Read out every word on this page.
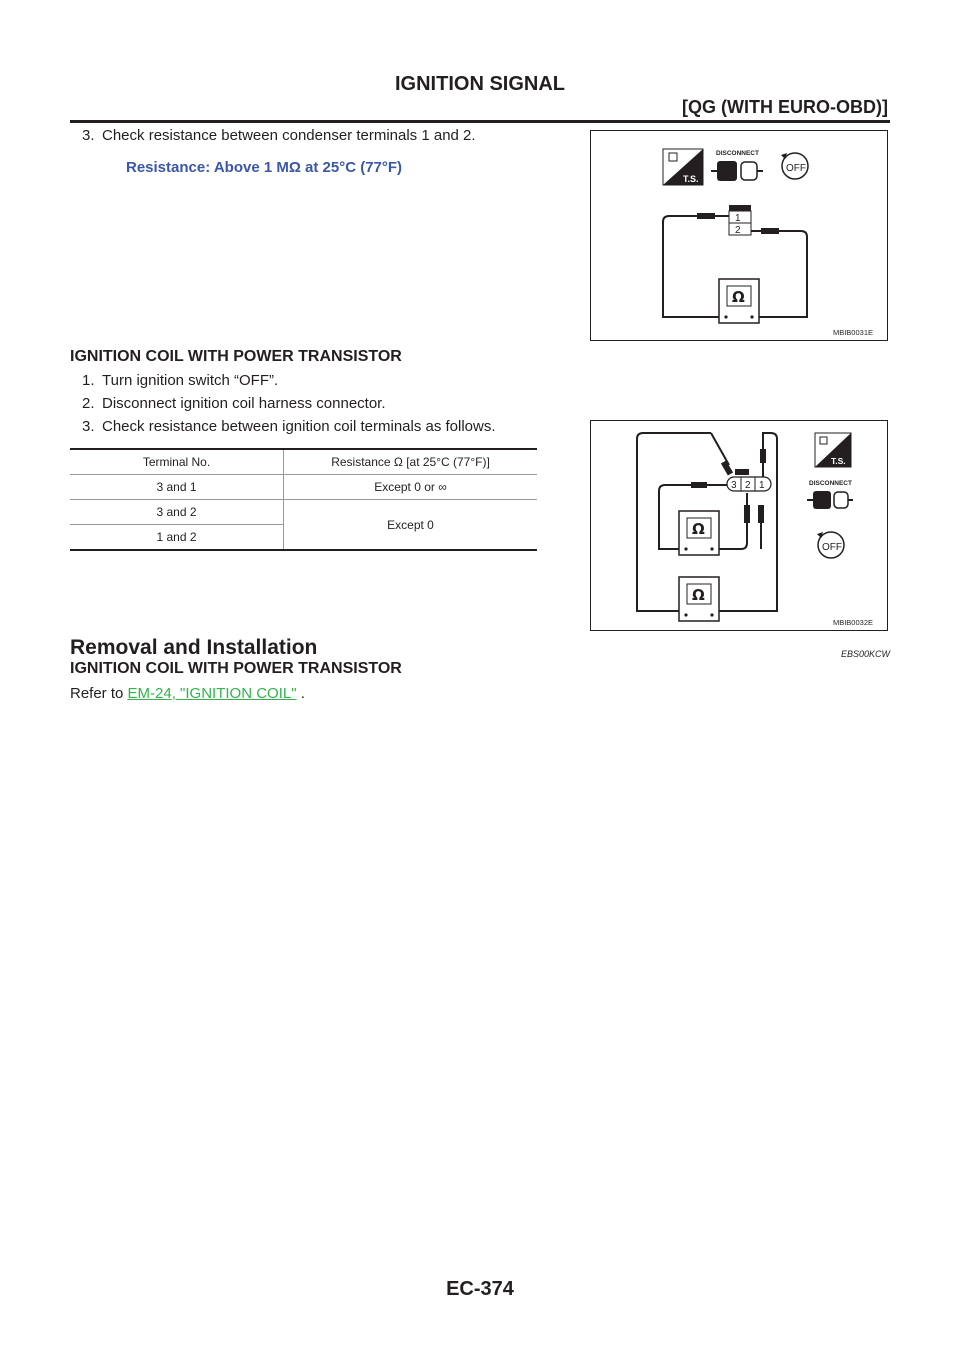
IGNITION SIGNAL
[QG (WITH EURO-OBD)]
3. Check resistance between condenser terminals 1 and 2.
Resistance: Above 1 MΩ at 25°C (77°F)
T.S.
DISCONNECT
OFF
1
2
Ω
MBIB0031E
IGNITION COIL WITH POWER TRANSISTOR
1. Turn ignition switch “OFF”.
2. Disconnect ignition coil harness connector.
3. Check resistance between ignition coil terminals as follows.
Terminal No.	Resistance Ω [at 25°C (77°F)]
3 and 1	Except 0 or ∞
3 and 2	Except 0
1 and 2	
3 2 1
Ω
Ω
T.S.
DISCONNECT
OFF
MBIB0032E
Removal and Installation	EBS00KCW
IGNITION COIL WITH POWER TRANSISTOR
Refer to EM-24, "IGNITION COIL" .
EC-374
